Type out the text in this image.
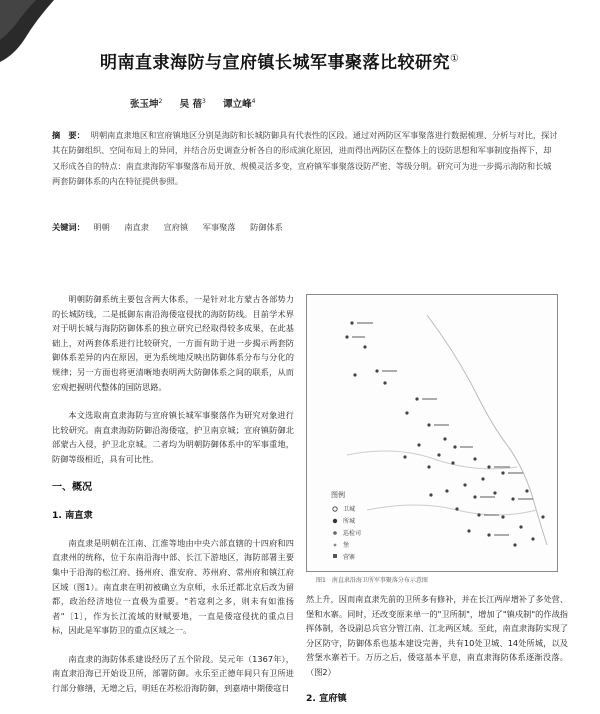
明南直隶海防与宣府镇长城军事聚落比较研究①
张玉坤$^2$ 吴 蓓$^3$ 谭立峰$^4$
摘　要： 明朝南直隶地区和宣府镇地区分别是海防和长城防御具有代表性的区段。通过对两防区军事聚落进行数据梳理、分析与对比，探讨其在防御组织、空间布局上的异同，并结合历史调查分析各自的形成演化原因，进而得出两防区在整体上的设防思想和军事制度指挥下，却又形成各自的特点：南直隶海防军事聚落布局开放、规模灵活多变，宣府镇军事聚落设防严密、等级分明。研究可为进一步揭示海防和长城两套防御体系的内在特征提供参照。
关键词： 明朝 南直隶 宣府镇 军事聚落 防御体系

明朝防御系统主要包含两大体系，一是针对北方蒙古各部势力的长城防线，二是抵御东南沿海倭寇侵扰的海防防线。目前学术界对于明长城与海防防御体系的独立研究已经取得较多成果，在此基础上，对两套体系进行比较研究，一方面有助于进一步揭示两套防御体系差异的内在原因，更为系统地反映出防御体系分布与分化的规律；另一方面也将更清晰地表明两大防御体系之间的联系，从而宏观把握明代整体的国防思路。

本文选取南直隶海防与宣府镇长城军事聚落作为研究对象进行比较研究。南直隶海防防御沿海倭寇，护卫南京城；宣府镇防御北部蒙古入侵，护卫北京城。二者均为明朝防御体系中的军事重地，防御等级相近，具有可比性。

一、概况
1. 南直隶

南直隶是明朝在江南、江淮等地由中央六部直辖的十四府和四直隶州的统称，位于东南沿海中部、长江下游地区，海防部署主要集中于沿海的松江府、扬州府、淮安府、苏州府、常州府和镇江府区域（图1）。南直隶在明初被确立为京师，永乐迁都北京后改为留都，政治经济地位一直极为重要。"若寇利之多，则未有如淮扬者"〔1〕，作为长江流域的财赋要地，一直是倭寇侵扰的重点目标，因此是军事防卫的重点区域之一。

南直隶的海防体系建设经历了五个阶段。吴元年（1367年），南直隶沿海已开始设卫所，部署防御。永乐至正德年间只有卫所进行部分修缮，无增之后，明廷在苏松沿海防御，到嘉靖中期倭寇日

图例
卫城
所城
巡检司
堡
营寨
图1　南直隶沿海卫所军事聚落分布示意图

然上升，因而南直隶先前的卫所多有修补，并在长江两岸增补了多处营、堡和水寨。同时，还改变原来单一的"卫所制"，增加了"镇戍制"的作战指挥体制，各设副总兵官分管江南、江北两区域。至此，南直隶海防实现了分区防守，防御体系也基本建设完善，共有10处卫城、14处所城，以及营堡水寨若干。万历之后，倭寇基本平息，南直隶海防体系逐渐没落。（图2）

2. 宣府镇
